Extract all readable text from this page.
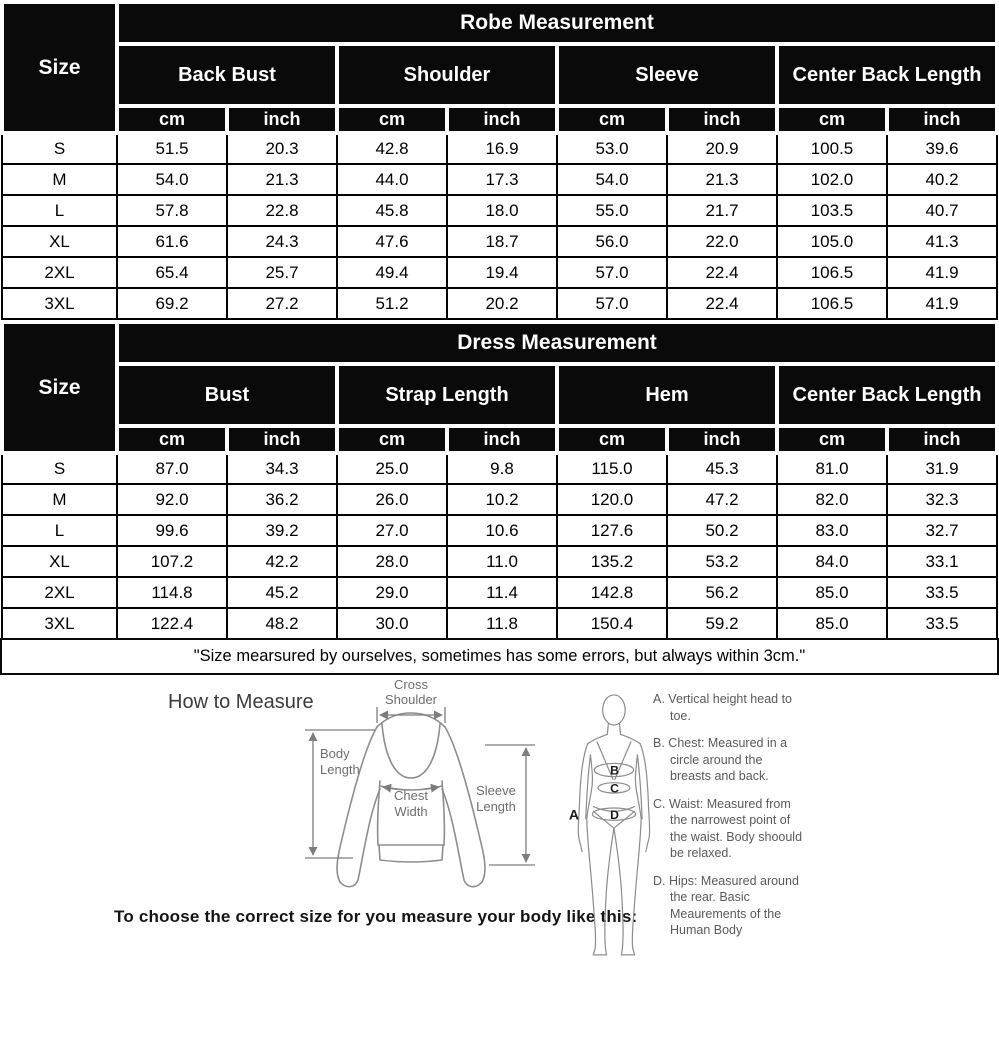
Size	Robe Measurement							
	Back Bust		Shoulder		Sleeve		Center Back Length	
	cm	inch	cm	inch	cm	inch	cm	inch
S	51.5	20.3	42.8	16.9	53.0	20.9	100.5	39.6
M	54.0	21.3	44.0	17.3	54.0	21.3	102.0	40.2
L	57.8	22.8	45.8	18.0	55.0	21.7	103.5	40.7
XL	61.6	24.3	47.6	18.7	56.0	22.0	105.0	41.3
2XL	65.4	25.7	49.4	19.4	57.0	22.4	106.5	41.9
3XL	69.2	27.2	51.2	20.2	57.0	22.4	106.5	41.9
Size	Dress Measurement							
	Bust		Strap Length		Hem		Center Back Length	
	cm	inch	cm	inch	cm	inch	cm	inch
S	87.0	34.3	25.0	9.8	115.0	45.3	81.0	31.9
M	92.0	36.2	26.0	10.2	120.0	47.2	82.0	32.3
L	99.6	39.2	27.0	10.6	127.6	50.2	83.0	32.7
XL	107.2	42.2	28.0	11.0	135.2	53.2	84.0	33.1
2XL	114.8	45.2	29.0	11.4	142.8	56.2	85.0	33.5
3XL	122.4	48.2	30.0	11.8	150.4	59.2	85.0	33.5
"Size mearsured by ourselves, sometimes has some errors, but always within 3cm."
How to Measure
Cross
Shoulder
Body
Length
Chest
Width
Sleeve
Length
To choose the correct size for you measure your body like this:
A
B
C
D
A. Vertical height head to toe.
B. Chest: Measured in a circle around the breasts and back.
C. Waist: Measured from the narrowest point of the waist. Body shoould be relaxed.
D. Hips: Measured around the rear. Basic Meaurements of the Human Body
